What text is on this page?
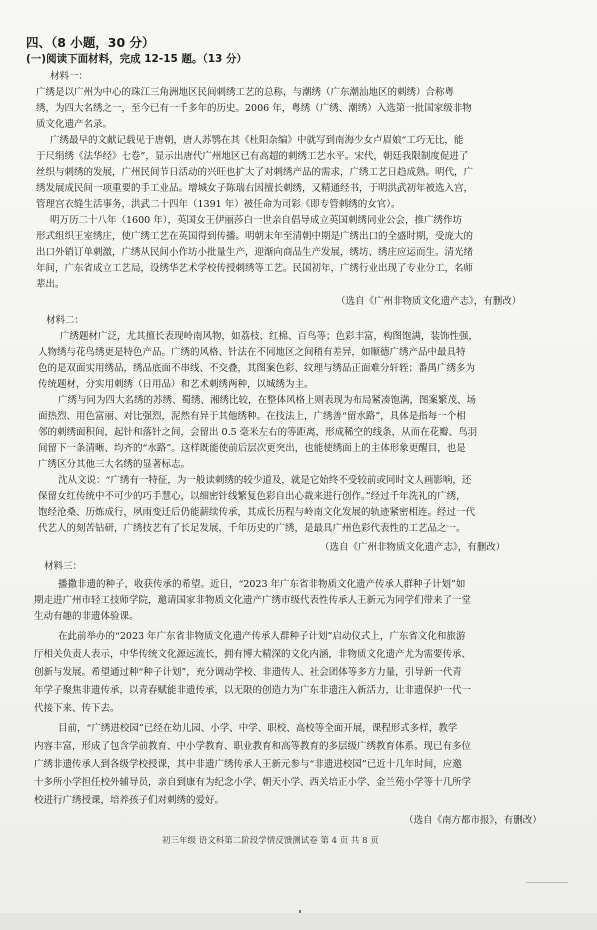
四、（8 小题，30 分）
(一)阅读下面材料，完成 12-15 题。（13 分）
材料一：
广绣是以广州为中心的珠江三角洲地区民间刺绣工艺的总称，与潮绣（广东潮汕地区的刺绣）合称粤
绣，为四大名绣之一，至今已有一千多年的历史。2006 年，粤绣（广绣、潮绣）入选第一批国家级非物
质文化遗产名录。
广绣最早的文献记载见于唐朝，唐人苏鹗在其《杜阳杂编》中就写到南海少女卢眉娘“工巧无比，能
于尺绢绣《法华经》七卷”，显示出唐代广州地区已有高超的刺绣工艺水平。宋代，朝廷我限制度促进了
丝织与刺绣的发展，广州民间节日活动的兴旺也扩大了对刺绣产品的需求，广绣工艺日趋成熟。明代，广
绣发展成民间一项重要的手工业品。增城女子陈瑞右因擅长刺绣，又精通经书，于明洪武初年被选入宫，
管理宫衣缝生活事务，洪武二十四年（1391 年）被任命为司彩《即专管刺绣的女官）。
明万历二十八年（1600 年），英国女王伊丽莎白一世亲自倡导成立英国刺绣同业公会，推广绣作坊
形式组织王室绣庄，使广绣工艺在英国得到传播。明朝末年至清朝中期是广绣出口的全盛时期，受庞大的
出口外销订单刺激，广绣从民间小作坊小批量生产，迎渐向商品生产发展，绣坊、绣庄应运而生。清光绪
年间，广东省成立工艺局，设绣华艺术学校传授刺绣等工艺。民国初年，广绣行业出现了专业分工，名师
辈出。
（选自《广州非物质文化遗产志》，有删改）
材料二：
广绣题材广泛，尤其擅长表现岭南风物，如荔枝、红棉、百鸟等；色彩丰富，构图饱满，装饰性强，
人物绣与花鸟绣更是特色产品。广绣的风格、针法在不同地区之间稍有差异，如顺德广绣产品中最具特
色的是双面实用绣品，绣品底面不串线、不交叠，其图案色彩、纹理与绣品正面难分轩轾；番禺广绣多为
传统题材，分实用刺绣（日用品）和艺术刺绣两种，以城绣为主。
广绣与同为四大名绣的苏绣、蜀绣、湘绣比较，在整体风格上则表现为布局紧凑饱满，图案繁茂、场
面热烈、用色富丽、对比强烈，泥然有异于其他绣种。在技法上，广绣善“留水路”，具体是指每一个相
邻的刺绣面积间，起针和落针之间，会留出 0.5 毫米左右的等距离，形成稀空的线条，从而在花瓣、鸟羽
间留下一条清晰、均齐的“水路”。这样既能使前后层次更突出，也能使绣面上的主体形象更醒目，也是
广绣区分其他三大名绣的显著标志。
沈从文说：“广绣有一特征，为一般读刺绣的较少道及，就是它始终不受较前或同时文人画影响，还
保留女红传统中不可少的巧手慧心，以细密针线繁复色彩自出心裁来进行创作。”经过千年洗礼的广绣，
饱经沧桑、历炼成行，夙雨变迁后仍能薪续传承，其成长历程与岭南文化发展的轨迹紧密相连。经过一代
代艺人的刻苦钻研，广绣技艺有了长足发展，千年历史的广绣，是最具广州色彩代表性的工艺品之一。
（选自《广州非物质文化遗产志》，有删改）
材料三：
播撒非遗的种子，收获传承的希望。近日，“2023 年广东省非物质文化遗产传承人群种子计划”如
期走进广州市轻工技师学院，邀请国家非物质文化遗产广绣市级代表性传承人王新元为同学们带来了一堂
生动有趣的非遗体验课。
在此前举办的“2023 年广东省非物质文化遗产传承人群种子计划”启动仪式上，广东省文化和旅游
厅相关负责人表示，中华传统文化源远流长，拥有博大精深的文化内涵，非物质文化遗产尤为需要传承、
创新与发展。希望通过种“种子计划”，充分调动学校、非遗传人、社会团体等多方力量，引导新一代青
年学子聚焦非遗传承，以青春赋能非遗传承，以无限的创造力为广东非遗注入新活力，让非遗保护一代一
代接下来、传下去。
目前，“广绣进校园”已经在幼儿园、小学、中学、职校、高校等全面开展，课程形式多样，教学
内容丰富，形成了包含学前教育、中小学教育、职业教育和高等教育的多层级广绣教育体系。现已有多位
广绣非遗传承人到各级学校授课，其中非遗广绣传承人王新元参与“非遗进校园”已近十几年时间，应邀
十多所小学担任校外辅导员，亲自到康有为纪念小学、朝天小学、西关培正小学、金兰苑小学等十几所学
校进行广绣授课，培养孩子们对刺绣的爱好。
（选自《南方都市报》，有删改）
初三年级 语文科第二阶段学情反馈测试卷 第 4 页 共 8 页
